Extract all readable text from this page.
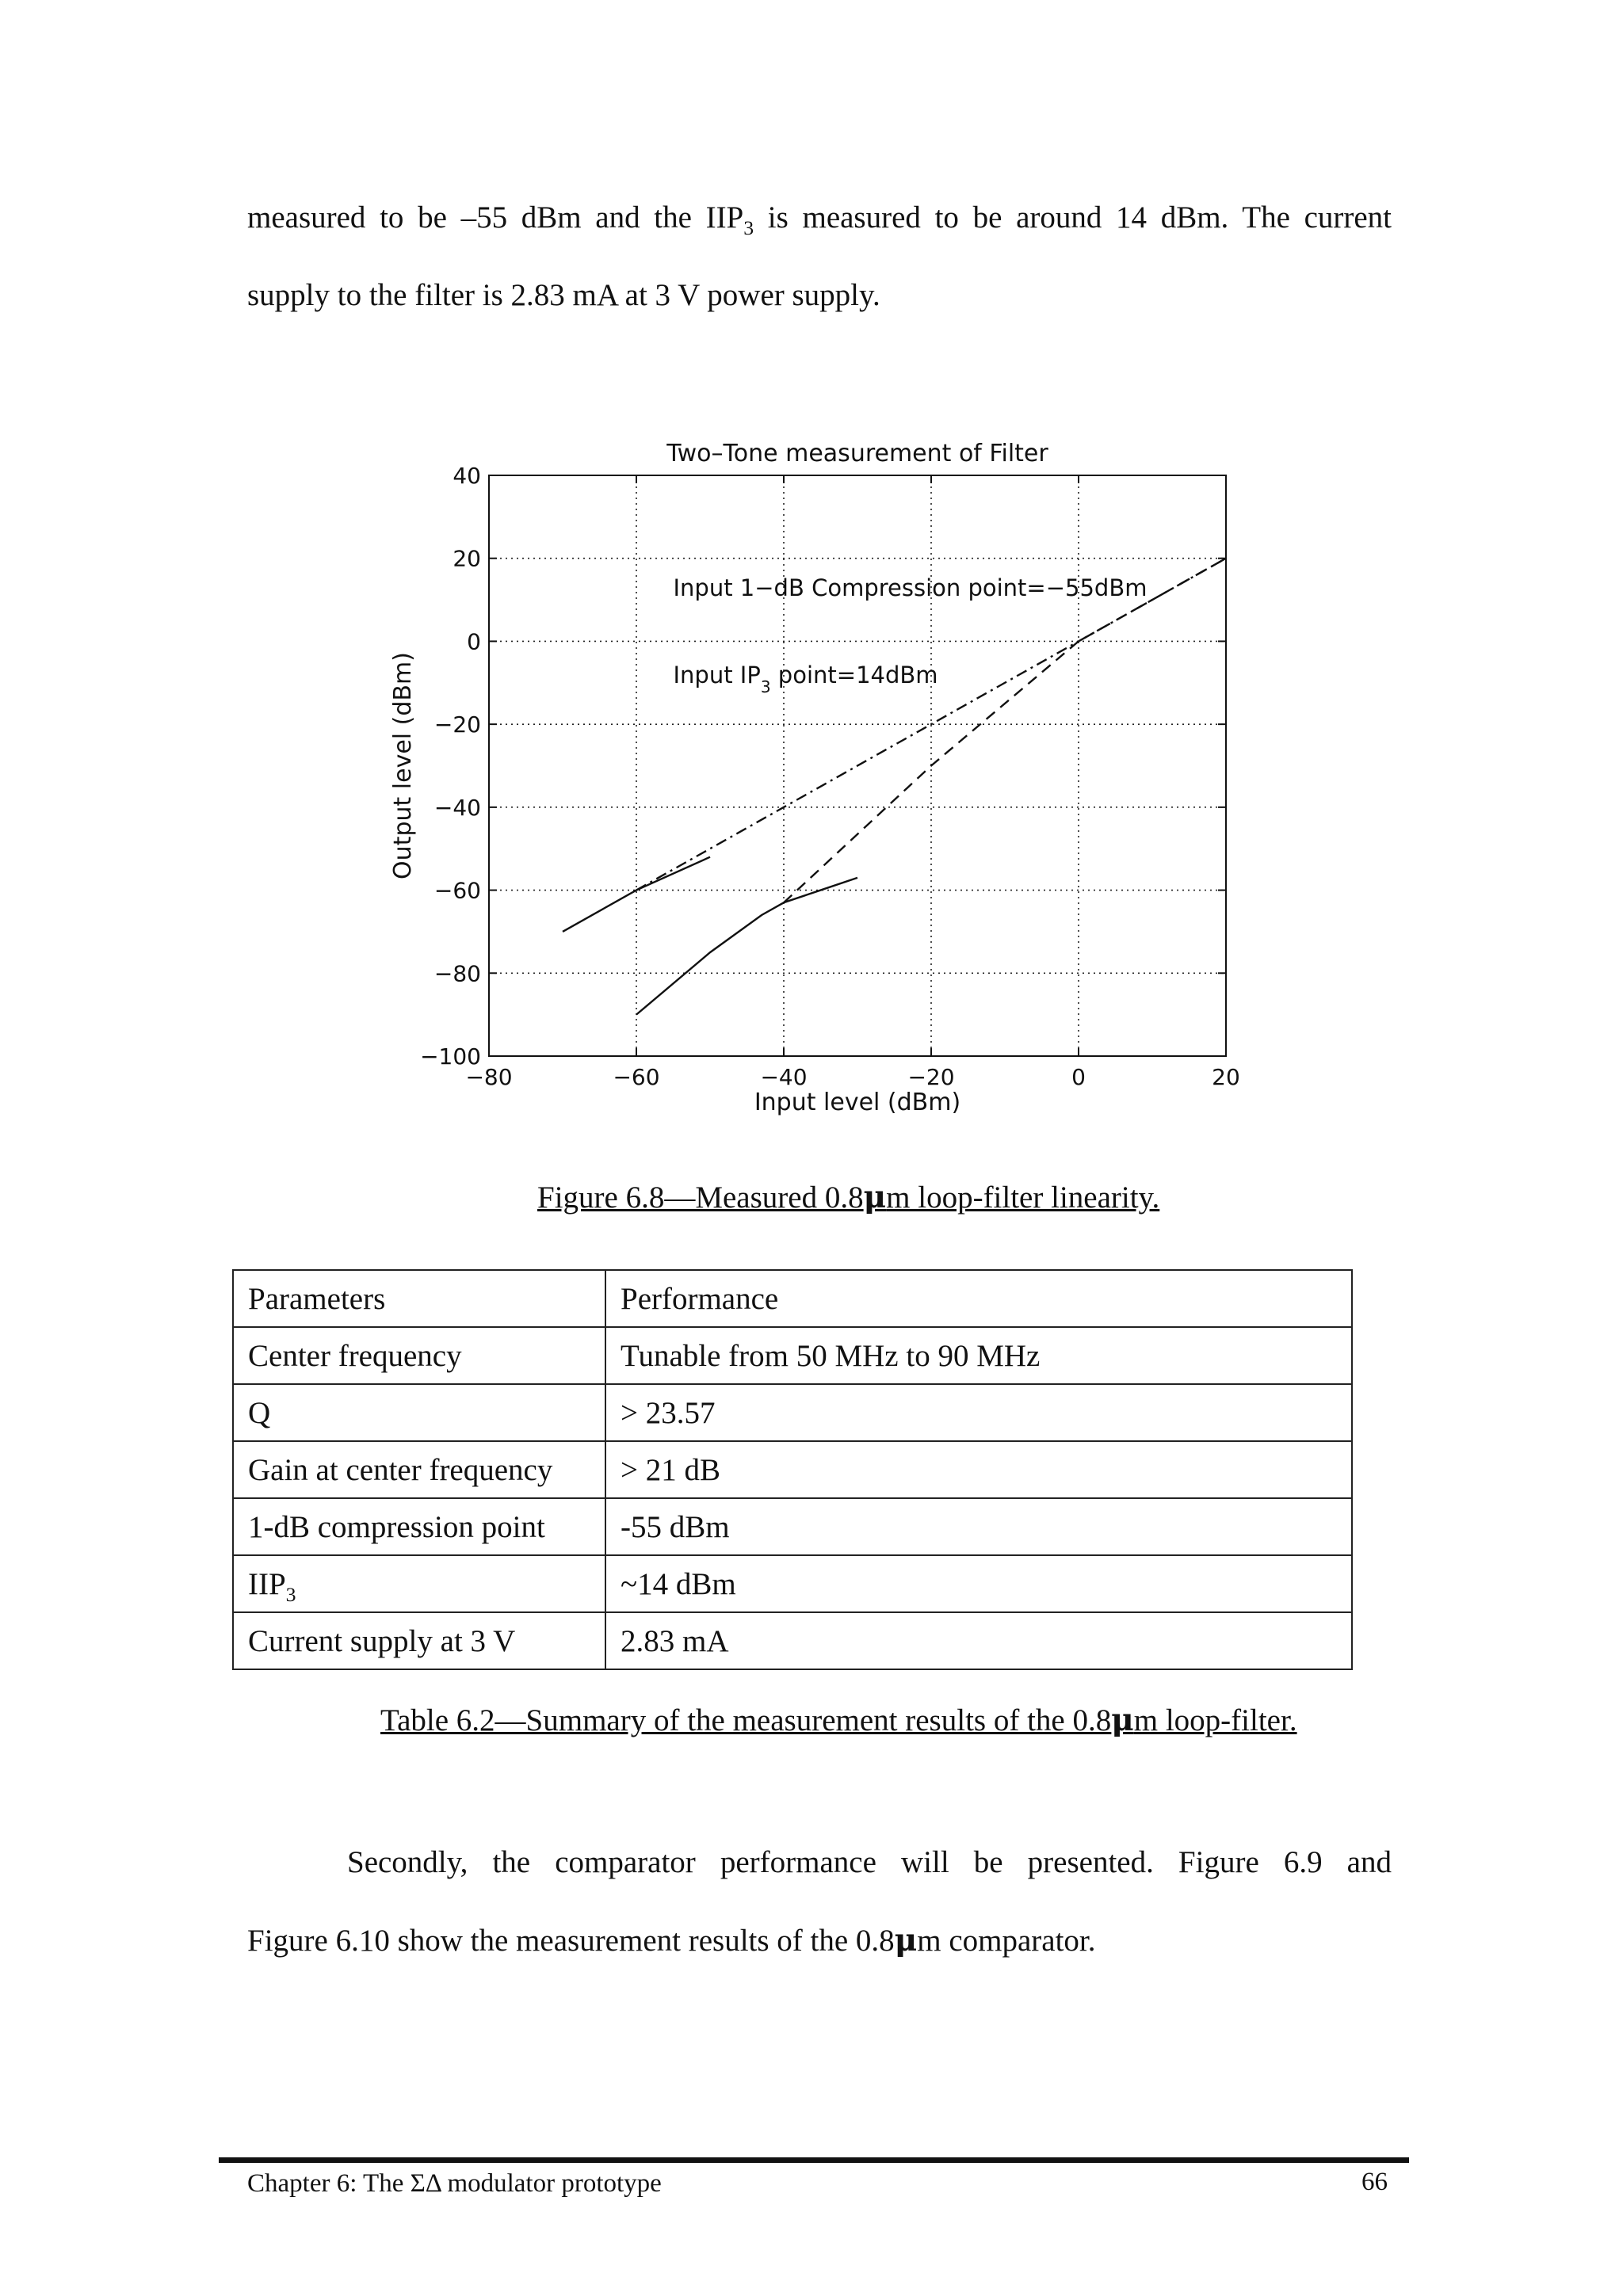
measured to be –55 dBm and the $IIP_3$ is measured to be around 14 dBm. The current
supply to the filter is 2.83 mA at 3 V power supply.

−80	−60	−40	−20	0	20
−100
−80
−60
−40
−20
0
20
40
Two–Tone measurement of Filter
Input level (dBm)
Output level (dBm)
Input 1−dB Compression point=−55dBm
Input $IP_3$ point=14dBm
Figure 6.8—Measured 0.8μm loop-filter linearity.
Parameters	Performance
Center frequency	Tunable from 50 MHz to 90 MHz
Q	> 23.57
Gain at center frequency	> 21 dB
1-dB compression point	-55 dBm
$IIP_3$	~14 dBm
Current supply at 3 V	2.83 mA
Table 6.2—Summary of the measurement results of the 0.8μm loop-filter.

Secondly, the comparator performance will be presented. Figure 6.9 and
Figure 6.10 show the measurement results of the 0.8μm comparator.

Chapter 6: The ΣΔ modulator prototype	66
